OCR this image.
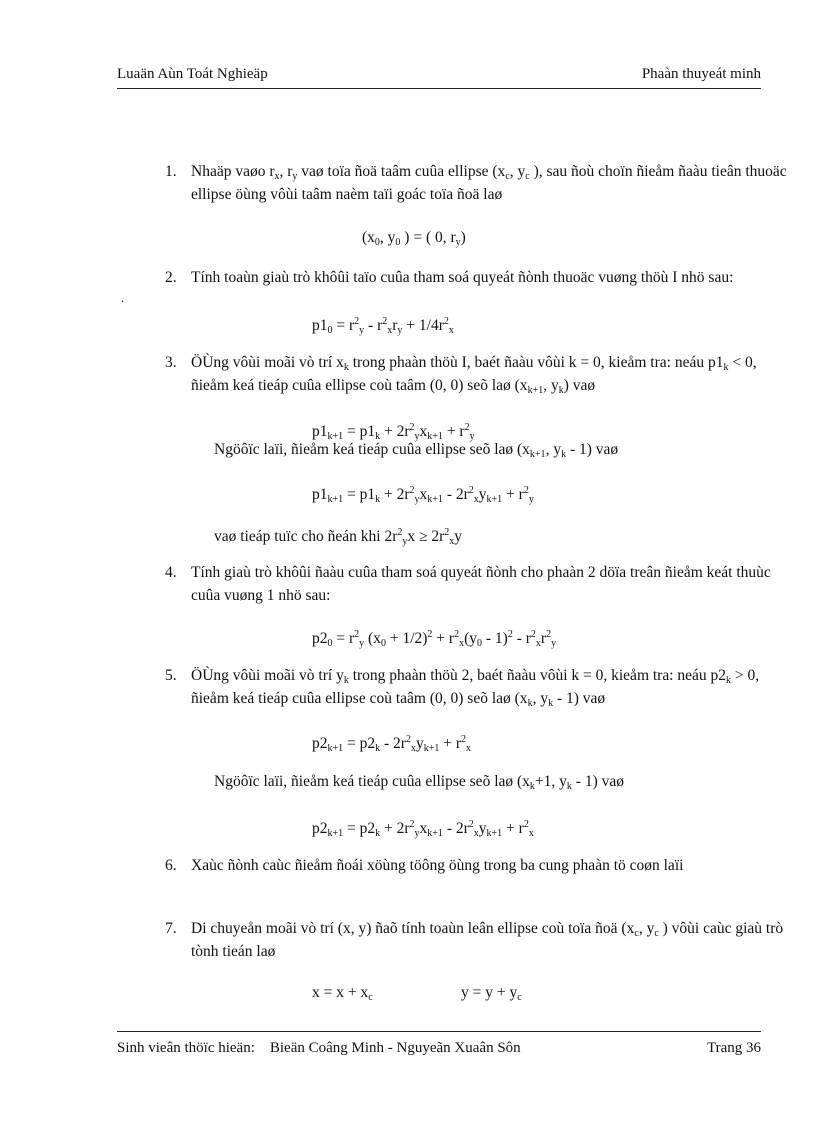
Luaän Aùn Toát Nghieäp	Phaàn thuyeát minh
.
1. Nhaäp vaøo $r_x$, $r_y$ vaø toïa ñoä taâm cuûa ellipse ($x_c$, $y_c$ ), sau ñoù choïn ñieåm ñaàu tieân thuoäc
ellipse öùng vôùi taâm naèm taïi goác toïa ñoä laø
($x_0$, $y_0$ ) = ( 0, $r_y$)
2. Tính toaùn giaù trò khôûi taïo cuûa tham soá quyeát ñònh thuoäc vuøng thöù I nhö sau:
$p1_0 = r^2_y - r^2_xr_y + 1/4r^2_x$
3. ÖÙng vôùi moãi vò trí $x_k$ trong phaàn thöù I, baét ñaàu vôùi k = 0, kieåm tra: neáu $p1_k < 0$,
ñieåm keá tieáp cuûa ellipse coù taâm (0, 0) seõ laø ($x_{k+1}$, $y_k$) vaø
$p1_{k+1} = p1_k + 2r^2_yx_{k+1} + r^2_y$
Ngöôïc laïi, ñieåm keá tieáp cuûa ellipse seõ laø ($x_{k+1}$, $y_k - 1$) vaø
$p1_{k+1} = p1_k + 2r^2_yx_{k+1} - 2r^2_xy_{k+1} + r^2_y$
vaø tieáp tuïc cho ñeán khi $2r^2_yx \ge 2r^2_xy$
4. Tính giaù trò khôûi ñaàu cuûa tham soá quyeát ñònh cho phaàn 2 döïa treân ñieåm keát thuùc
cuûa vuøng 1 nhö sau:
$p2_0 = r^2_y$ $(x_0 + 1/2)^2 + r^2_x(y_0 - 1)^2 - r^2_xr^2_y$
5. ÖÙng vôùi moãi vò trí $y_k$ trong phaàn thöù 2, baét ñaàu vôùi k = 0, kieåm tra: neáu $p2_k > 0$,
ñieåm keá tieáp cuûa ellipse coù taâm (0, 0) seõ laø ($x_k$, $y_k - 1$) vaø
$p2_{k+1} = p2_k - 2r^2_xy_{k+1} + r^2_x$
Ngöôïc laïi, ñieåm keá tieáp cuûa ellipse seõ laø ($x_k+1$, $y_k - 1$) vaø
$p2_{k+1} = p2_k + 2r^2_yx_{k+1} - 2r^2_xy_{k+1} + r^2_x$
6. Xaùc ñònh caùc ñieåm ñoái xöùng töông öùng trong ba cung phaàn tö coøn laïi
7. Di chuyeån moãi vò trí (x, y) ñaõ tính toaùn leân ellipse coù toïa ñoä ($x_c$, $y_c$ ) vôùi caùc giaù trò
tònh tieán laø
$x = x + x_c$	$y = y + y_c$
Sinh vieân thöïc hieän:    Bieän Coâng Minh - Nguyeãn Xuaân Sôn	Trang 36
